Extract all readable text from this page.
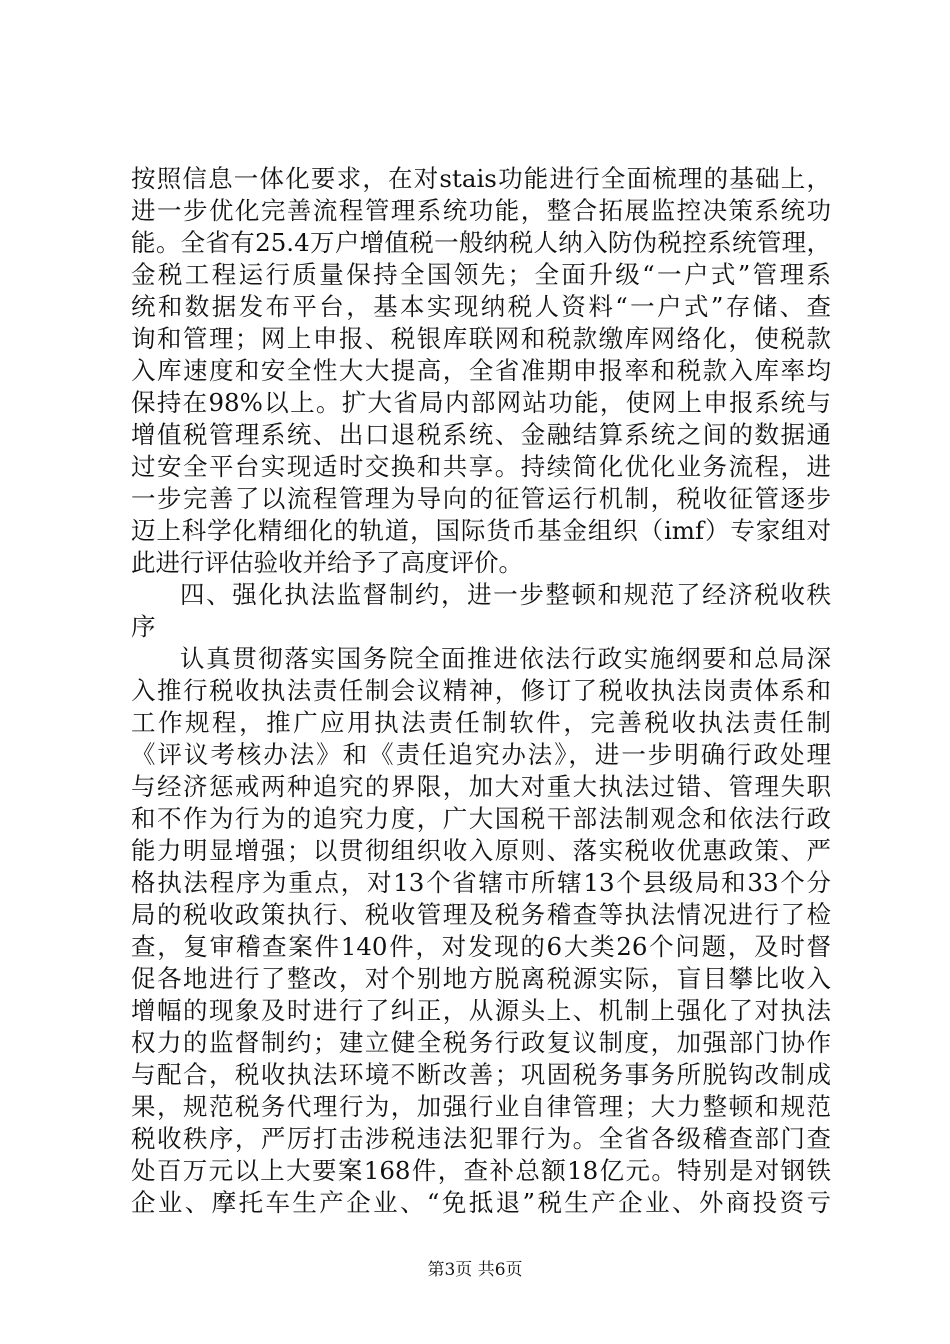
按照信息一体化要求，在对stais功能进行全面梳理的基础上，
进一步优化完善流程管理系统功能，整合拓展监控决策系统功
能。全省有25.4万户增值税一般纳税人纳入防伪税控系统管理，
金税工程运行质量保持全国领先；全面升级“一户式”管理系
统和数据发布平台，基本实现纳税人资料“一户式”存储、查
询和管理；网上申报、税银库联网和税款缴库网络化，使税款
入库速度和安全性大大提高，全省准期申报率和税款入库率均
保持在98%以上。扩大省局内部网站功能，使网上申报系统与
增值税管理系统、出口退税系统、金融结算系统之间的数据通
过安全平台实现适时交换和共享。持续简化优化业务流程，进
一步完善了以流程管理为导向的征管运行机制，税收征管逐步
迈上科学化精细化的轨道，国际货币基金组织（imf）专家组对
此进行评估验收并给予了高度评价。
四、强化执法监督制约，进一步整顿和规范了经济税收秩
序
认真贯彻落实国务院全面推进依法行政实施纲要和总局深
入推行税收执法责任制会议精神，修订了税收执法岗责体系和
工作规程，推广应用执法责任制软件，完善税收执法责任制
《评议考核办法》和《责任追究办法》，进一步明确行政处理
与经济惩戒两种追究的界限，加大对重大执法过错、管理失职
和不作为行为的追究力度，广大国税干部法制观念和依法行政
能力明显增强；以贯彻组织收入原则、落实税收优惠政策、严
格执法程序为重点，对13个省辖市所辖13个县级局和33个分
局的税收政策执行、税收管理及税务稽查等执法情况进行了检
查，复审稽查案件140件，对发现的6大类26个问题，及时督
促各地进行了整改，对个别地方脱离税源实际，盲目攀比收入
增幅的现象及时进行了纠正，从源头上、机制上强化了对执法
权力的监督制约；建立健全税务行政复议制度，加强部门协作
与配合，税收执法环境不断改善；巩固税务事务所脱钩改制成
果，规范税务代理行为，加强行业自律管理；大力整顿和规范
税收秩序，严厉打击涉税违法犯罪行为。全省各级稽查部门查
处百万元以上大要案168件，查补总额18亿元。特别是对钢铁
企业、摩托车生产企业、“免抵退”税生产企业、外商投资亏
第3页 共6页
